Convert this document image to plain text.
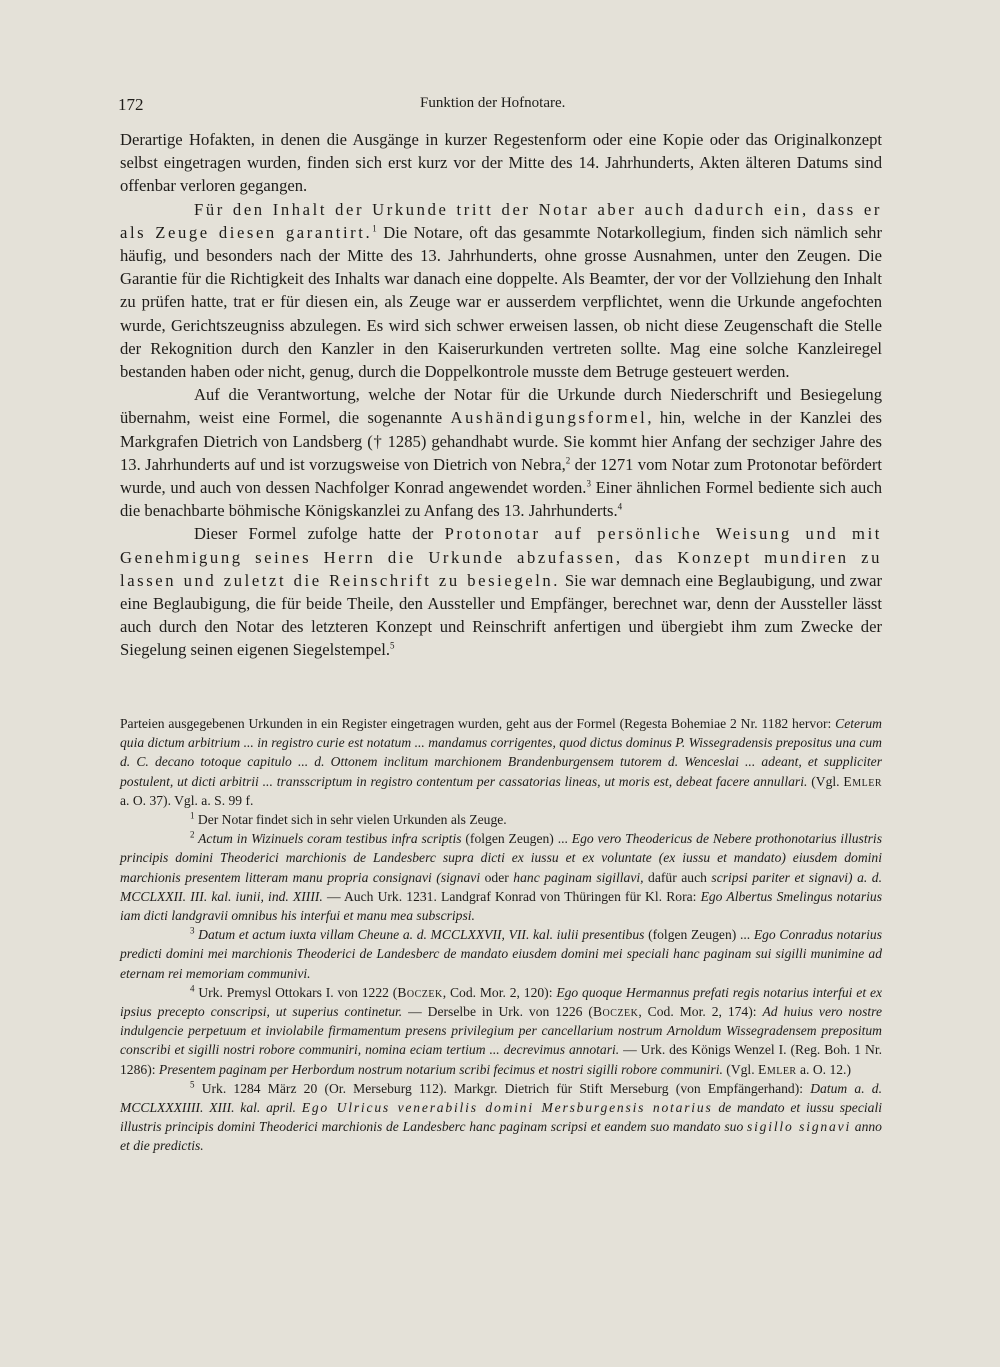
172	Funktion der Hofnotare.

Derartige Hofakten, in denen die Ausgänge in kurzer Regestenform oder eine Kopie oder das Originalkonzept selbst eingetragen wurden, finden sich erst kurz vor der Mitte des 14. Jahrhunderts, Akten älteren Datums sind offenbar verloren gegangen.

Für den Inhalt der Urkunde tritt der Notar aber auch dadurch ein, dass er als Zeuge diesen garantirt.$^1$ Die Notare, oft das gesammte Notarkollegium, finden sich nämlich sehr häufig, und besonders nach der Mitte des 13. Jahrhunderts, ohne grosse Ausnahmen, unter den Zeugen. Die Garantie für die Richtigkeit des Inhalts war danach eine doppelte. Als Beamter, der vor der Vollziehung den Inhalt zu prüfen hatte, trat er für diesen ein, als Zeuge war er ausserdem verpflichtet, wenn die Urkunde angefochten wurde, Gerichtszeugniss abzulegen. Es wird sich schwer erweisen lassen, ob nicht diese Zeugenschaft die Stelle der Rekognition durch den Kanzler in den Kaiserurkunden vertreten sollte. Mag eine solche Kanzleiregel bestanden haben oder nicht, genug, durch die Doppelkontrole musste dem Betruge gesteuert werden.

Auf die Verantwortung, welche der Notar für die Urkunde durch Niederschrift und Besiegelung übernahm, weist eine Formel, die sogenannte Aushändigungsformel, hin, welche in der Kanzlei des Markgrafen Dietrich von Landsberg († 1285) gehandhabt wurde. Sie kommt hier Anfang der sechziger Jahre des 13. Jahrhunderts auf und ist vorzugsweise von Dietrich von Nebra,$^2$ der 1271 vom Notar zum Protonotar befördert wurde, und auch von dessen Nachfolger Konrad angewendet worden.$^3$ Einer ähnlichen Formel bediente sich auch die benachbarte böhmische Königskanzlei zu Anfang des 13. Jahrhunderts.$^4$

Dieser Formel zufolge hatte der Protonotar auf persönliche Weisung und mit Genehmigung seines Herrn die Urkunde abzufassen, das Konzept mundiren zu lassen und zuletzt die Reinschrift zu besiegeln. Sie war demnach eine Beglaubigung, und zwar eine Beglaubigung, die für beide Theile, den Aussteller und Empfänger, berechnet war, denn der Aussteller lässt auch durch den Notar des letzteren Konzept und Reinschrift anfertigen und übergiebt ihm zum Zwecke der Siegelung seinen eigenen Siegelstempel.$^5$

Parteien ausgegebenen Urkunden in ein Register eingetragen wurden, geht aus der Formel (Regesta Bohemiae 2 Nr. 1182 hervor: Ceterum quia dictum arbitrium ... in registro curie est notatum ... mandamus corrigentes, quod dictus dominus P. Wissegradensis prepositus una cum d. C. decano totoque capitulo ... d. Ottonem inclitum marchionem Brandenburgensem tutorem d. Wenceslai ... adeant, et suppliciter postulent, ut dicti arbitrii ... transscriptum in registro contentum per cassatorias lineas, ut moris est, debeat facere annullari. (Vgl. Emler a. O. 37). Vgl. a. S. 99 f.

$^1$ Der Notar findet sich in sehr vielen Urkunden als Zeuge.

$^2$ Actum in Wizinuels coram testibus infra scriptis (folgen Zeugen) ... Ego vero Theodericus de Nebere prothonotarius illustris principis domini Theoderici marchionis de Landesberc supra dicti ex iussu et ex voluntate (ex iussu et mandato) eiusdem domini marchionis presentem litteram manu propria consignavi (signavi oder hanc paginam sigillavi, dafür auch scripsi pariter et signavi) a. d. MCCLXXII. III. kal. iunii, ind. XIIII. — Auch Urk. 1231. Landgraf Konrad von Thüringen für Kl. Rora: Ego Albertus Smelingus notarius iam dicti landgravii omnibus his interfui et manu mea subscripsi.

$^3$ Datum et actum iuxta villam Cheune a. d. MCCLXXVII, VII. kal. iulii presentibus (folgen Zeugen) ... Ego Conradus notarius predicti domini mei marchionis Theoderici de Landesberc de mandato eiusdem domini mei speciali hanc paginam sui sigilli munimine ad eternam rei memoriam communivi.

$^4$ Urk. Premysl Ottokars I. von 1222 (Boczek, Cod. Mor. 2, 120): Ego quoque Hermannus prefati regis notarius interfui et ex ipsius precepto conscripsi, ut superius continetur. — Derselbe in Urk. von 1226 (Boczek, Cod. Mor. 2, 174): Ad huius vero nostre indulgencie perpetuum et inviolabile firmamentum presens privilegium per cancellarium nostrum Arnoldum Wissegradensem prepositum conscribi et sigilli nostri robore communiri, nomina eciam tertium ... decrevimus annotari. — Urk. des Königs Wenzel I. (Reg. Boh. 1 Nr. 1286): Presentem paginam per Herbordum nostrum notarium scribi fecimus et nostri sigilli robore communiri. (Vgl. Emler a. O. 12.)

$^5$ Urk. 1284 März 20 (Or. Merseburg 112). Markgr. Dietrich für Stift Merseburg (von Empfängerhand): Datum a. d. MCCLXXXIIII. XIII. kal. april. Ego Ulricus venerabilis domini Mersburgensis notarius de mandato et iussu speciali illustris principis domini Theoderici marchionis de Landesberc hanc paginam scripsi et eandem suo mandato suo sigillo signavi anno et die predictis.
